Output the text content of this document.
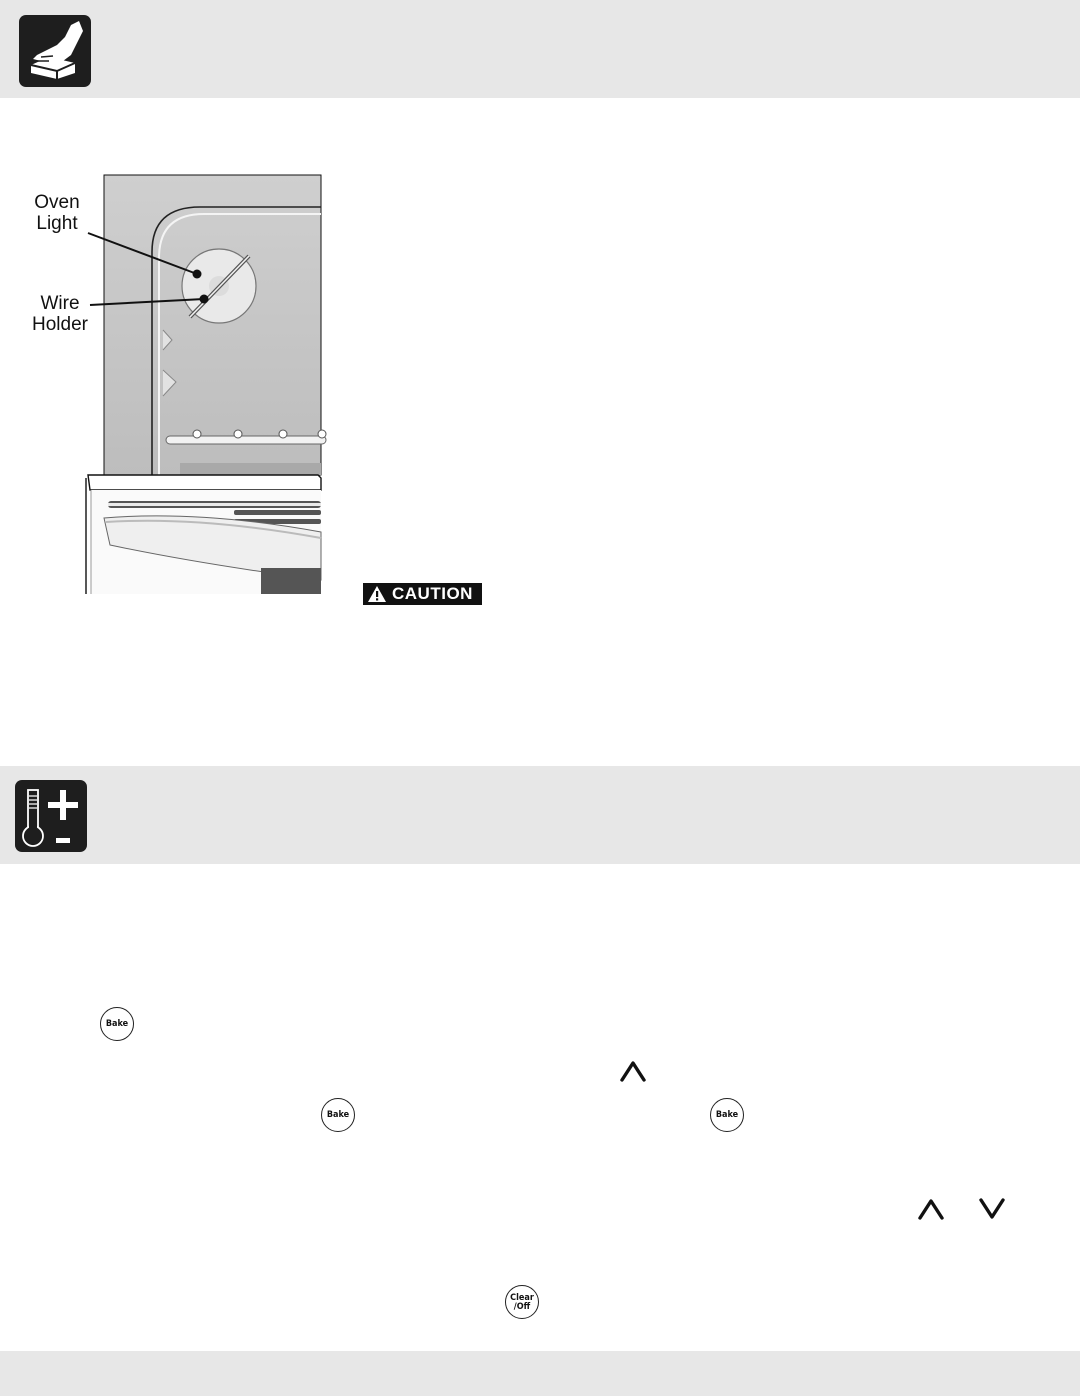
Oven
Light
Wire
Holder
CAUTION
Bake
Bake	Bake
Clear
/Off
